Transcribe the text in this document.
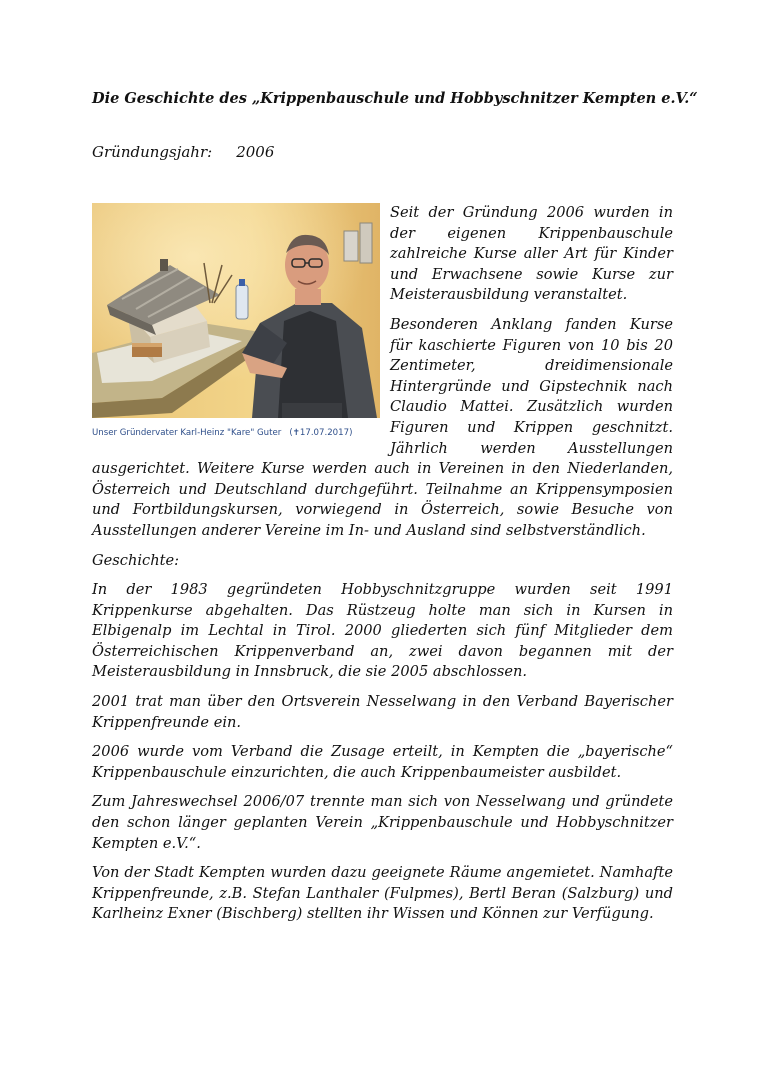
Die Geschichte des „Krippenbauschule und Hobbyschnitzer Kempten e.V.“
Gründungsjahr: 2006
Unser Gründervater Karl-Heinz "Kare" Guter (✝17.07.2017)

Seit der Gründung 2006 wurden in der eigenen Krippenbauschule zahlreiche Kurse aller Art für Kinder und Erwachsene sowie Kurse zur Meisterausbildung veranstaltet.

Besonderen Anklang fanden Kurse für kaschierte Figuren von 10 bis 20 Zentimeter, dreidimensionale Hintergründe und Gipstechnik nach Claudio Mattei. Zusätzlich wurden Figuren und Krippen geschnitzt. Jährlich werden Ausstellungen ausgerichtet. Weitere Kurse werden auch in Vereinen in den Niederlanden, Österreich und Deutschland durchgeführt. Teilnahme an Krippensymposien und Fortbildungskursen, vorwiegend in Österreich, sowie Besuche von Ausstellungen anderer Vereine im In- und Ausland sind selbstverständlich.

Geschichte:

In der 1983 gegründeten Hobbyschnitzgruppe wurden seit 1991 Krippenkurse abgehalten. Das Rüstzeug holte man sich in Kursen in Elbigenalp im Lechtal in Tirol. 2000 gliederten sich fünf Mitglieder dem Österreichischen Krippenverband an, zwei davon begannen mit der Meisterausbildung in Innsbruck, die sie 2005 abschlossen.

2001 trat man über den Ortsverein Nesselwang in den Verband Bayerischer Krippenfreunde ein.

2006 wurde vom Verband die Zusage erteilt, in Kempten die „bayerische“ Krippenbauschule einzurichten, die auch Krippenbaumeister ausbildet.

Zum Jahreswechsel 2006/07 trennte man sich von Nesselwang und gründete den schon länger geplanten Verein „Krippenbauschule und Hobbyschnitzer Kempten e.V.“.

Von der Stadt Kempten wurden dazu geeignete Räume angemietet. Namhafte Krippenfreunde, z.B. Stefan Lanthaler (Fulpmes), Bertl Beran (Salzburg) und Karlheinz Exner (Bischberg) stellten ihr Wissen und Können zur Verfügung.
